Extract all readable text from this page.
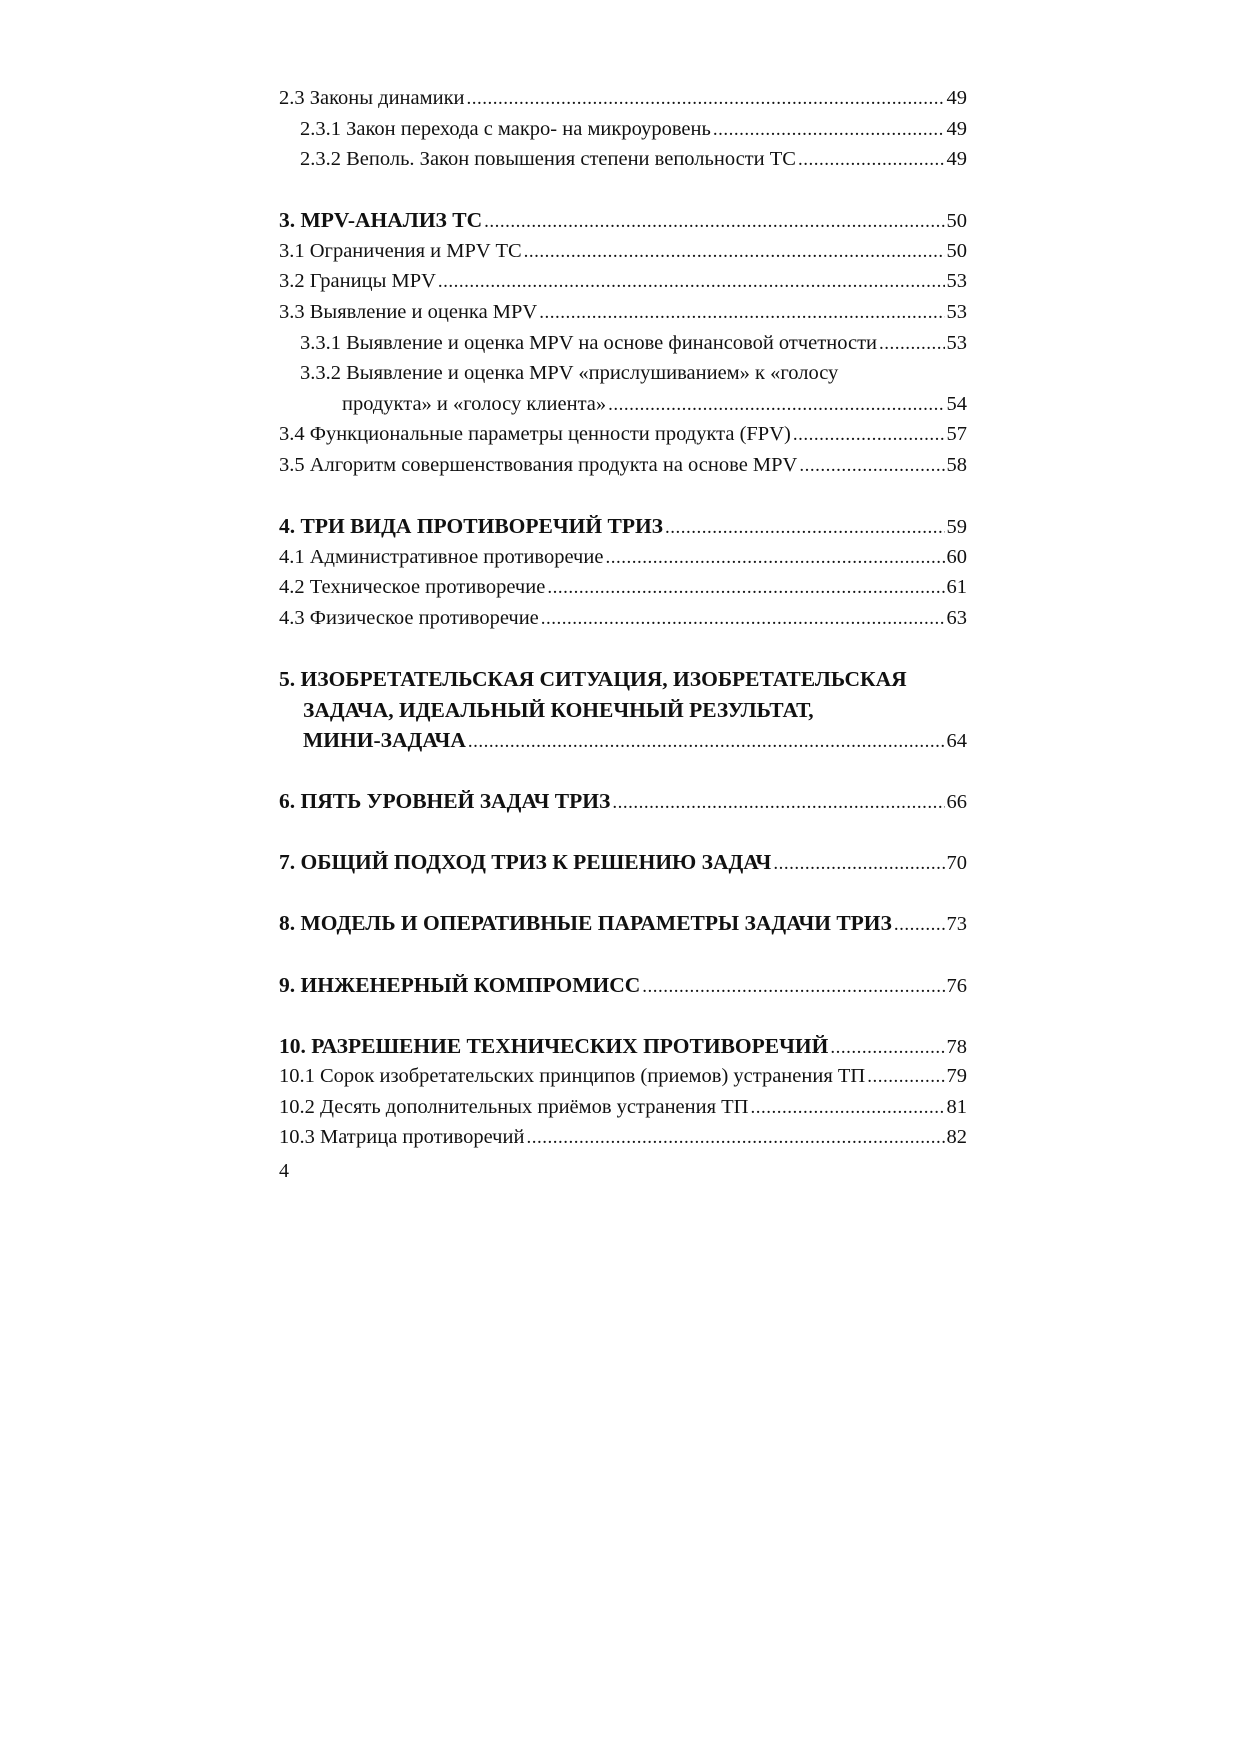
2.3 Законы динамики .....	49
2.3.1 Закон перехода с макро- на микроуровень .....	49
2.3.2 Веполь. Закон повышения степени вепольности ТС .....	49
3. MPV-АНАЛИЗ ТС .....	50
3.1 Ограничения и MPV ТС .....	50
3.2 Границы MPV .....	53
3.3 Выявление и оценка MPV .....	53
3.3.1 Выявление и оценка MPV на основе финансовой отчетности .....	53
3.3.2 Выявление и оценка MPV «прислушиванием» к «голосу
продукта» и «голосу клиента» .....	54
3.4 Функциональные параметры ценности продукта (FPV) .....	57
3.5 Алгоритм совершенствования продукта на основе MPV .....	58
4. ТРИ ВИДА ПРОТИВОРЕЧИЙ ТРИЗ .....	59
4.1 Административное противоречие .....	60
4.2 Техническое противоречие .....	61
4.3 Физическое противоречие .....	63
5. ИЗОБРЕТАТЕЛЬСКАЯ СИТУАЦИЯ, ИЗОБРЕТАТЕЛЬСКАЯ
ЗАДАЧА, ИДЕАЛЬНЫЙ КОНЕЧНЫЙ РЕЗУЛЬТАТ,
МИНИ-ЗАДАЧА .....	64
6. ПЯТЬ УРОВНЕЙ ЗАДАЧ ТРИЗ .....	66
7. ОБЩИЙ ПОДХОД ТРИЗ К РЕШЕНИЮ ЗАДАЧ .....	70
8. МОДЕЛЬ И ОПЕРАТИВНЫЕ ПАРАМЕТРЫ ЗАДАЧИ ТРИЗ .....	73
9. ИНЖЕНЕРНЫЙ КОМПРОМИСС .....	76
10. РАЗРЕШЕНИЕ ТЕХНИЧЕСКИХ ПРОТИВОРЕЧИЙ .....	78
10.1 Сорок изобретательских принципов (приемов) устранения ТП .....	79
10.2 Десять дополнительных приёмов устранения ТП .....	81
10.3 Матрица противоречий .....	82
4
